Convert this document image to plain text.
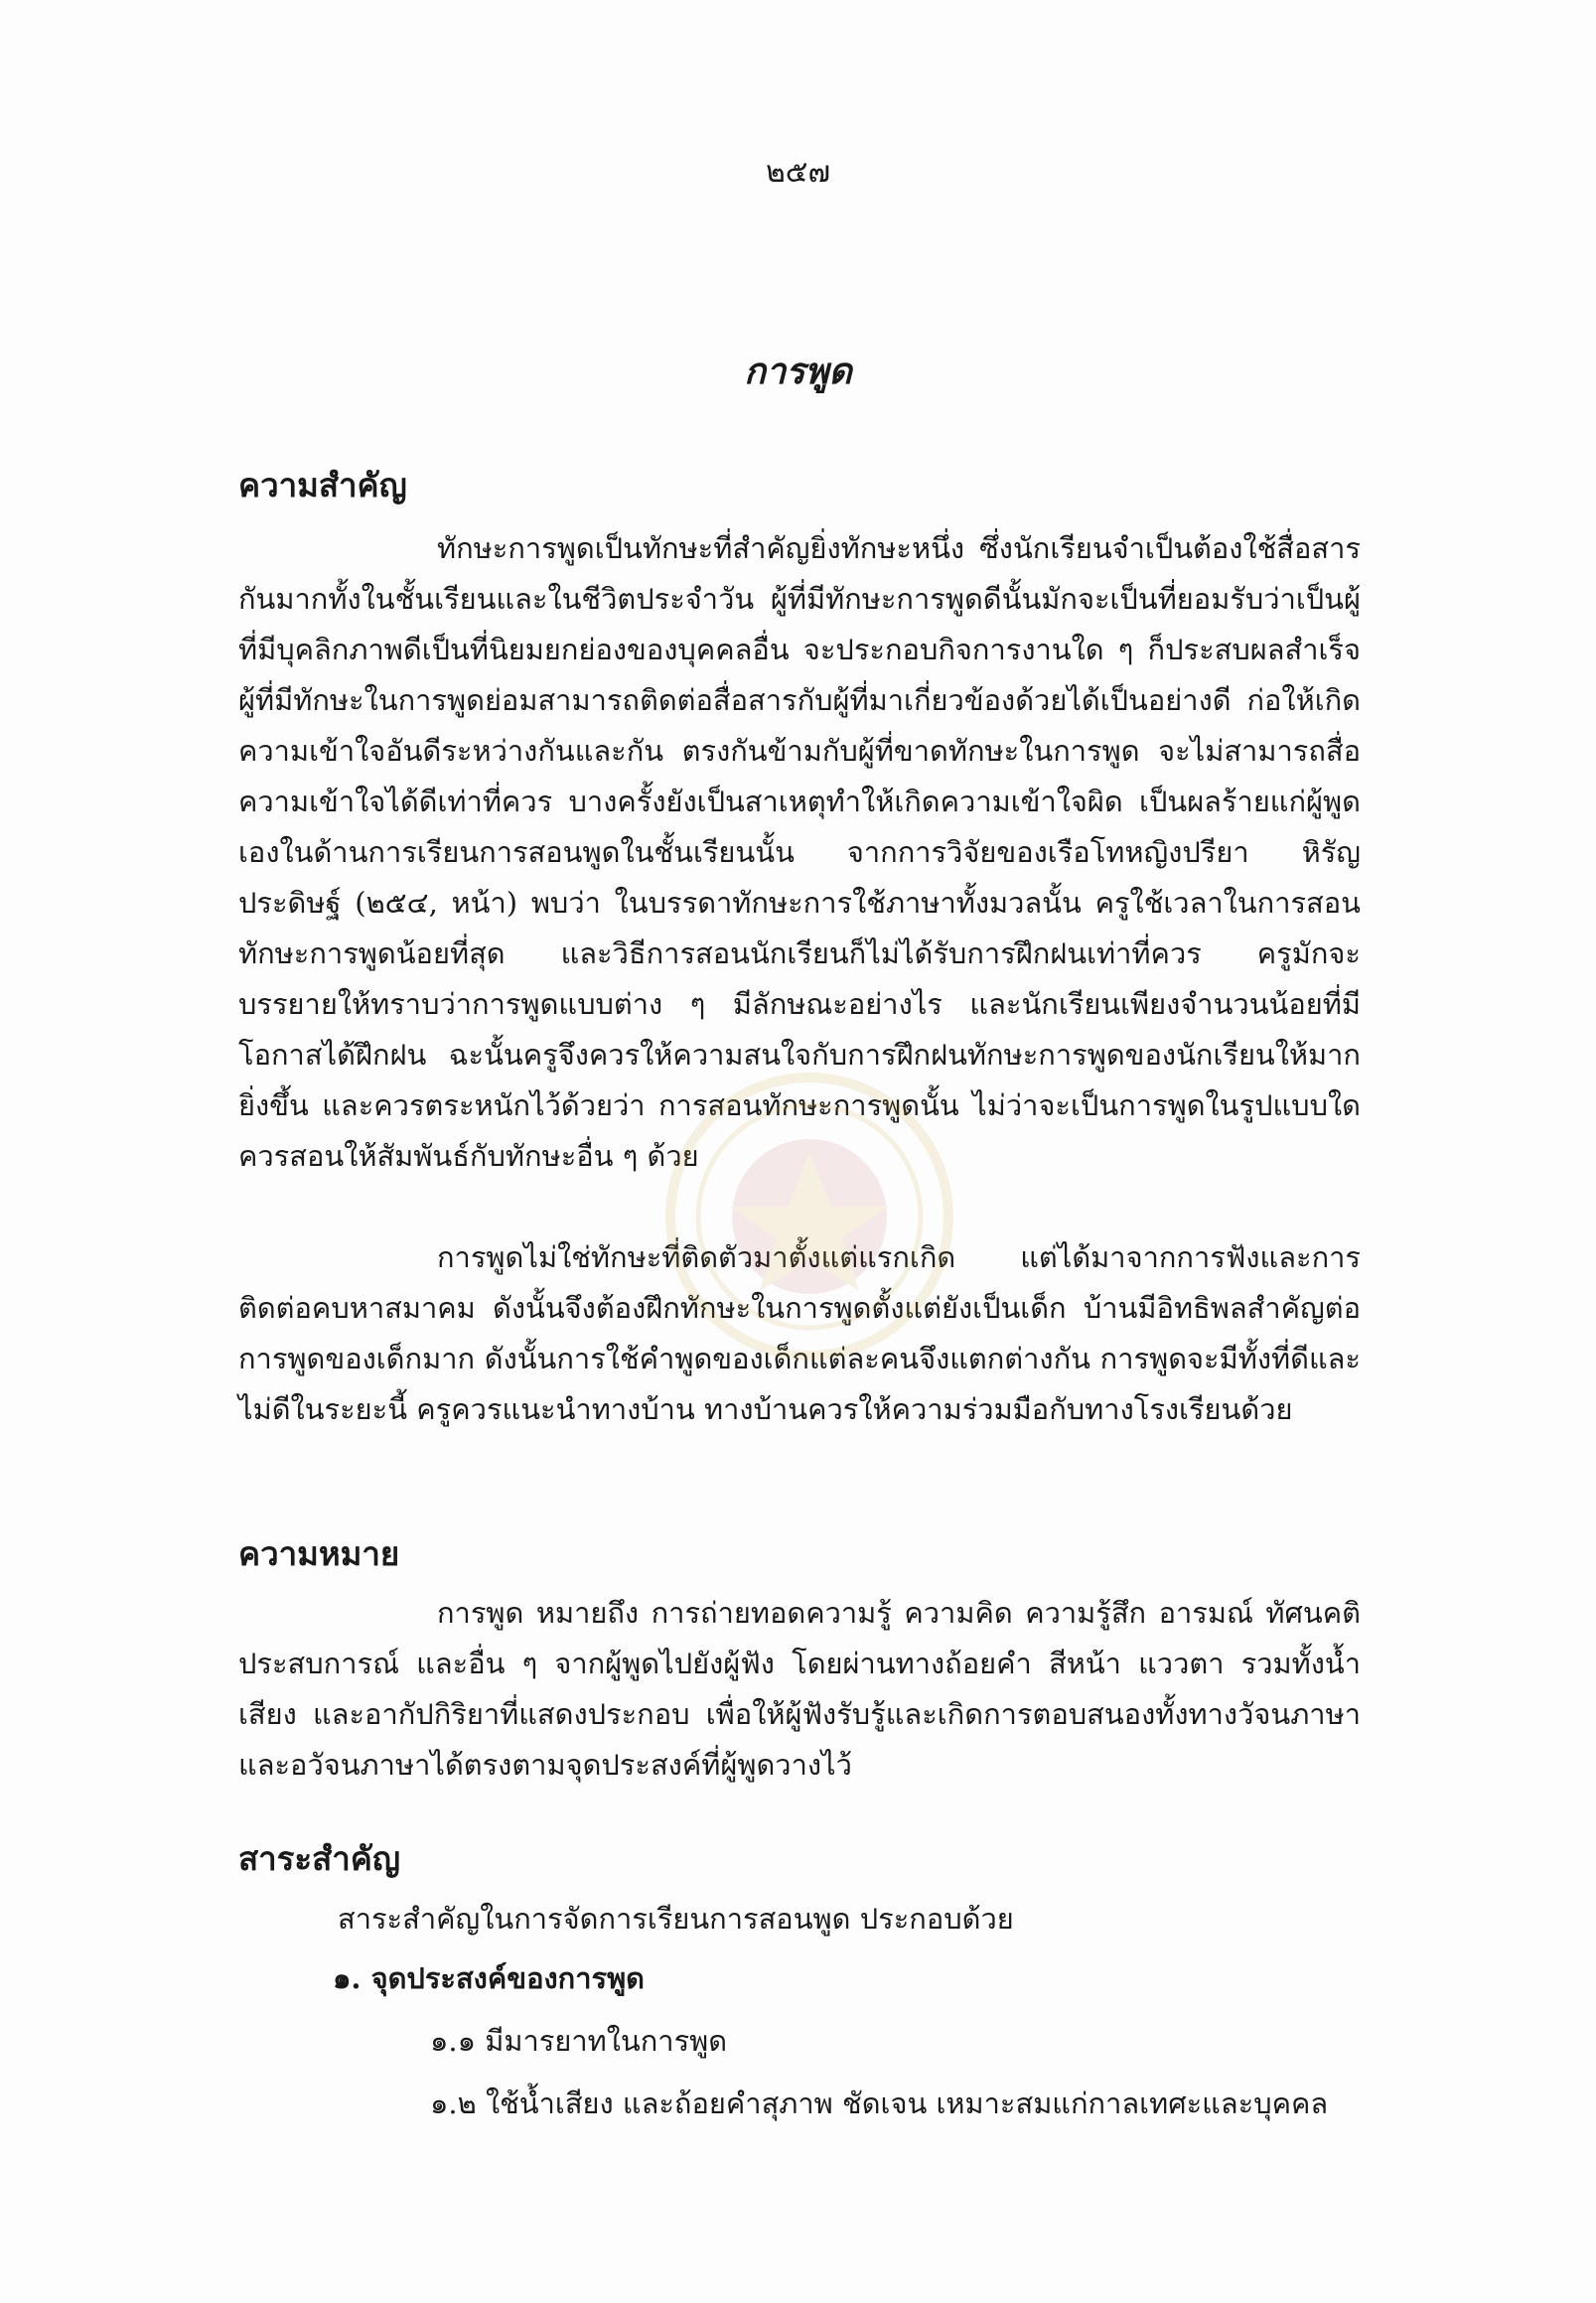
๒๕๗
การพูด
ความสำคัญ

ทักษะการพูดเป็นทักษะที่สำคัญยิ่งทักษะหนึ่ง ซึ่งนักเรียนจำเป็นต้องใช้สื่อสารกันมากทั้งในชั้นเรียนและในชีวิตประจำวัน ผู้ที่มีทักษะการพูดดีนั้นมักจะเป็นที่ยอมรับว่าเป็นผู้ที่มีบุคลิกภาพดีเป็นที่นิยมยกย่องของบุคคลอื่น จะประกอบกิจการงานใด ๆ ก็ประสบผลสำเร็จ ผู้ที่มีทักษะในการพูดย่อมสามารถติดต่อสื่อสารกับผู้ที่มาเกี่ยวข้องด้วยได้เป็นอย่างดี ก่อให้เกิดความเข้าใจอันดีระหว่างกันและกัน ตรงกันข้ามกับผู้ที่ขาดทักษะในการพูด จะไม่สามารถสื่อความเข้าใจได้ดีเท่าที่ควร บางครั้งยังเป็นสาเหตุทำให้เกิดความเข้าใจผิด เป็นผลร้ายแก่ผู้พูดเองในด้านการเรียนการสอนพูดในชั้นเรียนนั้น จากการวิจัยของเรือโทหญิงปรียา หิรัญประดิษฐ์ (๒๕๔, หน้า) พบว่า ในบรรดาทักษะการใช้ภาษาทั้งมวลนั้น ครูใช้เวลาในการสอนทักษะการพูดน้อยที่สุด และวิธีการสอนนักเรียนก็ไม่ได้รับการฝึกฝนเท่าที่ควร ครูมักจะบรรยายให้ทราบว่าการพูดแบบต่าง ๆ มีลักษณะอย่างไร และนักเรียนเพียงจำนวนน้อยที่มีโอกาสได้ฝึกฝน ฉะนั้นครูจึงควรให้ความสนใจกับการฝึกฝนทักษะการพูดของนักเรียนให้มากยิ่งขึ้น และควรตระหนักไว้ด้วยว่า การสอนทักษะการพูดนั้น ไม่ว่าจะเป็นการพูดในรูปแบบใดควรสอนให้สัมพันธ์กับทักษะอื่น ๆ ด้วย

การพูดไม่ใช่ทักษะที่ติดตัวมาตั้งแต่แรกเกิด แต่ได้มาจากการฟังและการติดต่อคบหาสมาคม ดังนั้นจึงต้องฝึกทักษะในการพูดตั้งแต่ยังเป็นเด็ก บ้านมีอิทธิพลสำคัญต่อการพูดของเด็กมาก ดังนั้นการใช้คำพูดของเด็กแต่ละคนจึงแตกต่างกัน การพูดจะมีทั้งที่ดีและไม่ดีในระยะนี้ ครูควรแนะนำทางบ้าน ทางบ้านควรให้ความร่วมมือกับทางโรงเรียนด้วย

ความหมาย

การพูด หมายถึง การถ่ายทอดความรู้ ความคิด ความรู้สึก อารมณ์ ทัศนคติ ประสบการณ์ และอื่น ๆ จากผู้พูดไปยังผู้ฟัง โดยผ่านทางถ้อยคำ สีหน้า แววตา รวมทั้งน้ำเสียง และอากัปกิริยาที่แสดงประกอบ เพื่อให้ผู้ฟังรับรู้และเกิดการตอบสนองทั้งทางวัจนภาษาและอวัจนภาษาได้ตรงตามจุดประสงค์ที่ผู้พูดวางไว้

สาระสำคัญ
สาระสำคัญในการจัดการเรียนการสอนพูด ประกอบด้วย
๑. จุดประสงค์ของการพูด
๑.๑ มีมารยาทในการพูด
๑.๒ ใช้น้ำเสียง และถ้อยคำสุภาพ ชัดเจน เหมาะสมแก่กาลเทศะและบุคคล
